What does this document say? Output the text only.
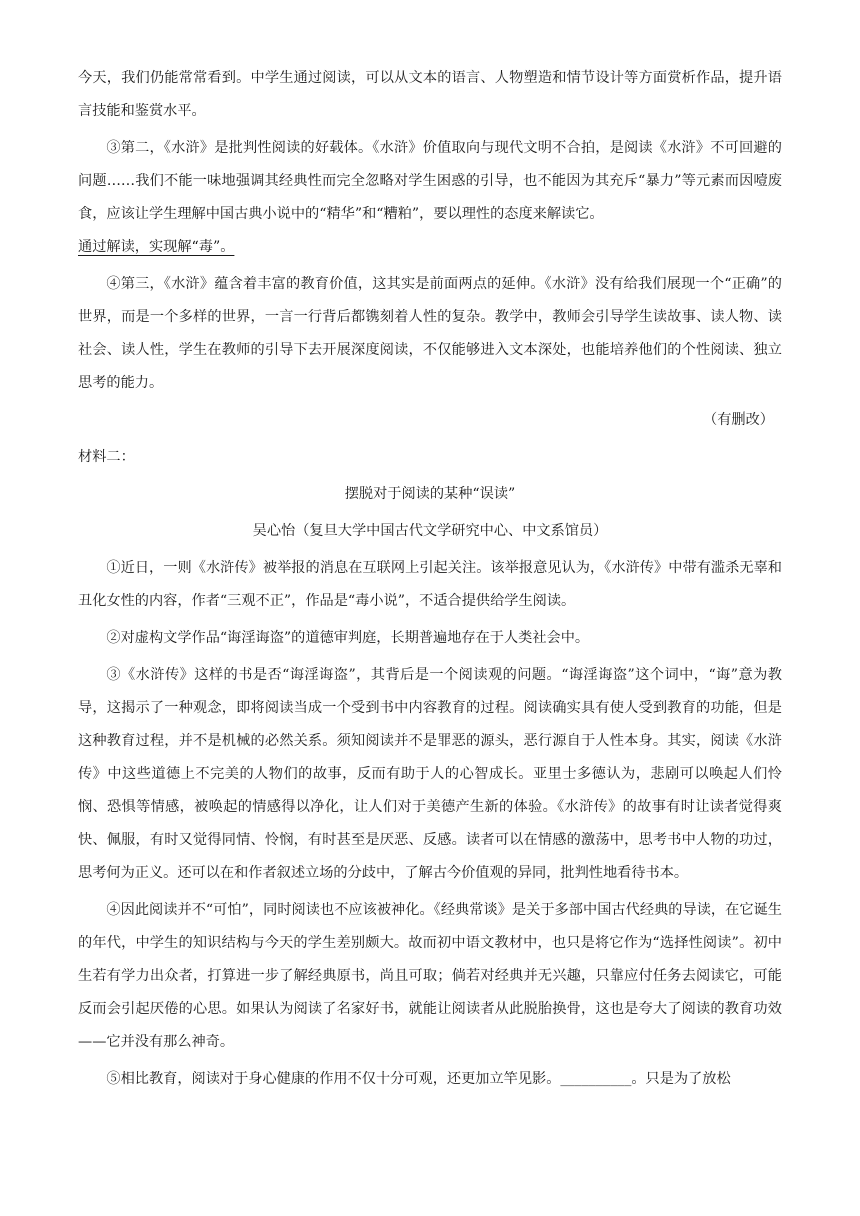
今天，我们仍能常常看到。中学生通过阅读，可以从文本的语言、人物塑造和情节设计等方面赏析作品，提升语言技能和鉴赏水平。

③第二，《水浒》是批判性阅读的好载体。《水浒》价值取向与现代文明不合拍，是阅读《水浒》不可回避的问题……我们不能一味地强调其经典性而完全忽略对学生困惑的引导，也不能因为其充斥“暴力”等元素而因噎废食，应该让学生理解中国古典小说中的“精华”和“糟粕”，要以理性的态度来解读它。
通过解读，实现解“毒”。

④第三，《水浒》蕴含着丰富的教育价值，这其实是前面两点的延伸。《水浒》没有给我们展现一个“正确”的世界，而是一个多样的世界，一言一行背后都镌刻着人性的复杂。教学中，教师会引导学生读故事、读人物、读社会、读人性，学生在教师的引导下去开展深度阅读，不仅能够进入文本深处，也能培养他们的个性阅读、独立思考的能力。

（有删改）

材料二：

摆脱对于阅读的某种“误读”

吴心怡（复旦大学中国古代文学研究中心、中文系馆员）

①近日，一则《水浒传》被举报的消息在互联网上引起关注。该举报意见认为，《水浒传》中带有滥杀无辜和丑化女性的内容，作者“三观不正”，作品是“毒小说”，不适合提供给学生阅读。

②对虚构文学作品“诲淫诲盗”的道德审判庭，长期普遍地存在于人类社会中。

③《水浒传》这样的书是否“诲淫诲盗”，其背后是一个阅读观的问题。“诲淫诲盗”这个词中，“诲”意为教导，这揭示了一种观念，即将阅读当成一个受到书中内容教育的过程。阅读确实具有使人受到教育的功能，但是这种教育过程，并不是机械的必然关系。须知阅读并不是罪恶的源头，恶行源自于人性本身。其实，阅读《水浒传》中这些道德上不完美的人物们的故事，反而有助于人的心智成长。亚里士多德认为，悲剧可以唤起人们怜悯、恐惧等情感，被唤起的情感得以净化，让人们对于美德产生新的体验。《水浒传》的故事有时让读者觉得爽快、佩服，有时又觉得同情、怜悯，有时甚至是厌恶、反感。读者可以在情感的激荡中，思考书中人物的功过，思考何为正义。还可以在和作者叙述立场的分歧中，了解古今价值观的异同，批判性地看待书本。

④因此阅读并不“可怕”，同时阅读也不应该被神化。《经典常谈》是关于多部中国古代经典的导读，在它诞生的年代，中学生的知识结构与今天的学生差别颇大。故而初中语文教材中，也只是将它作为“选择性阅读”。初中生若有学力出众者，打算进一步了解经典原书，尚且可取；倘若对经典并无兴趣，只靠应付任务去阅读它，可能反而会引起厌倦的心思。如果认为阅读了名家好书，就能让阅读者从此脱胎换骨，这也是夸大了阅读的教育功效——它并没有那么神奇。

⑤相比教育，阅读对于身心健康的作用不仅十分可观，还更加立竿见影。__________。只是为了放松
